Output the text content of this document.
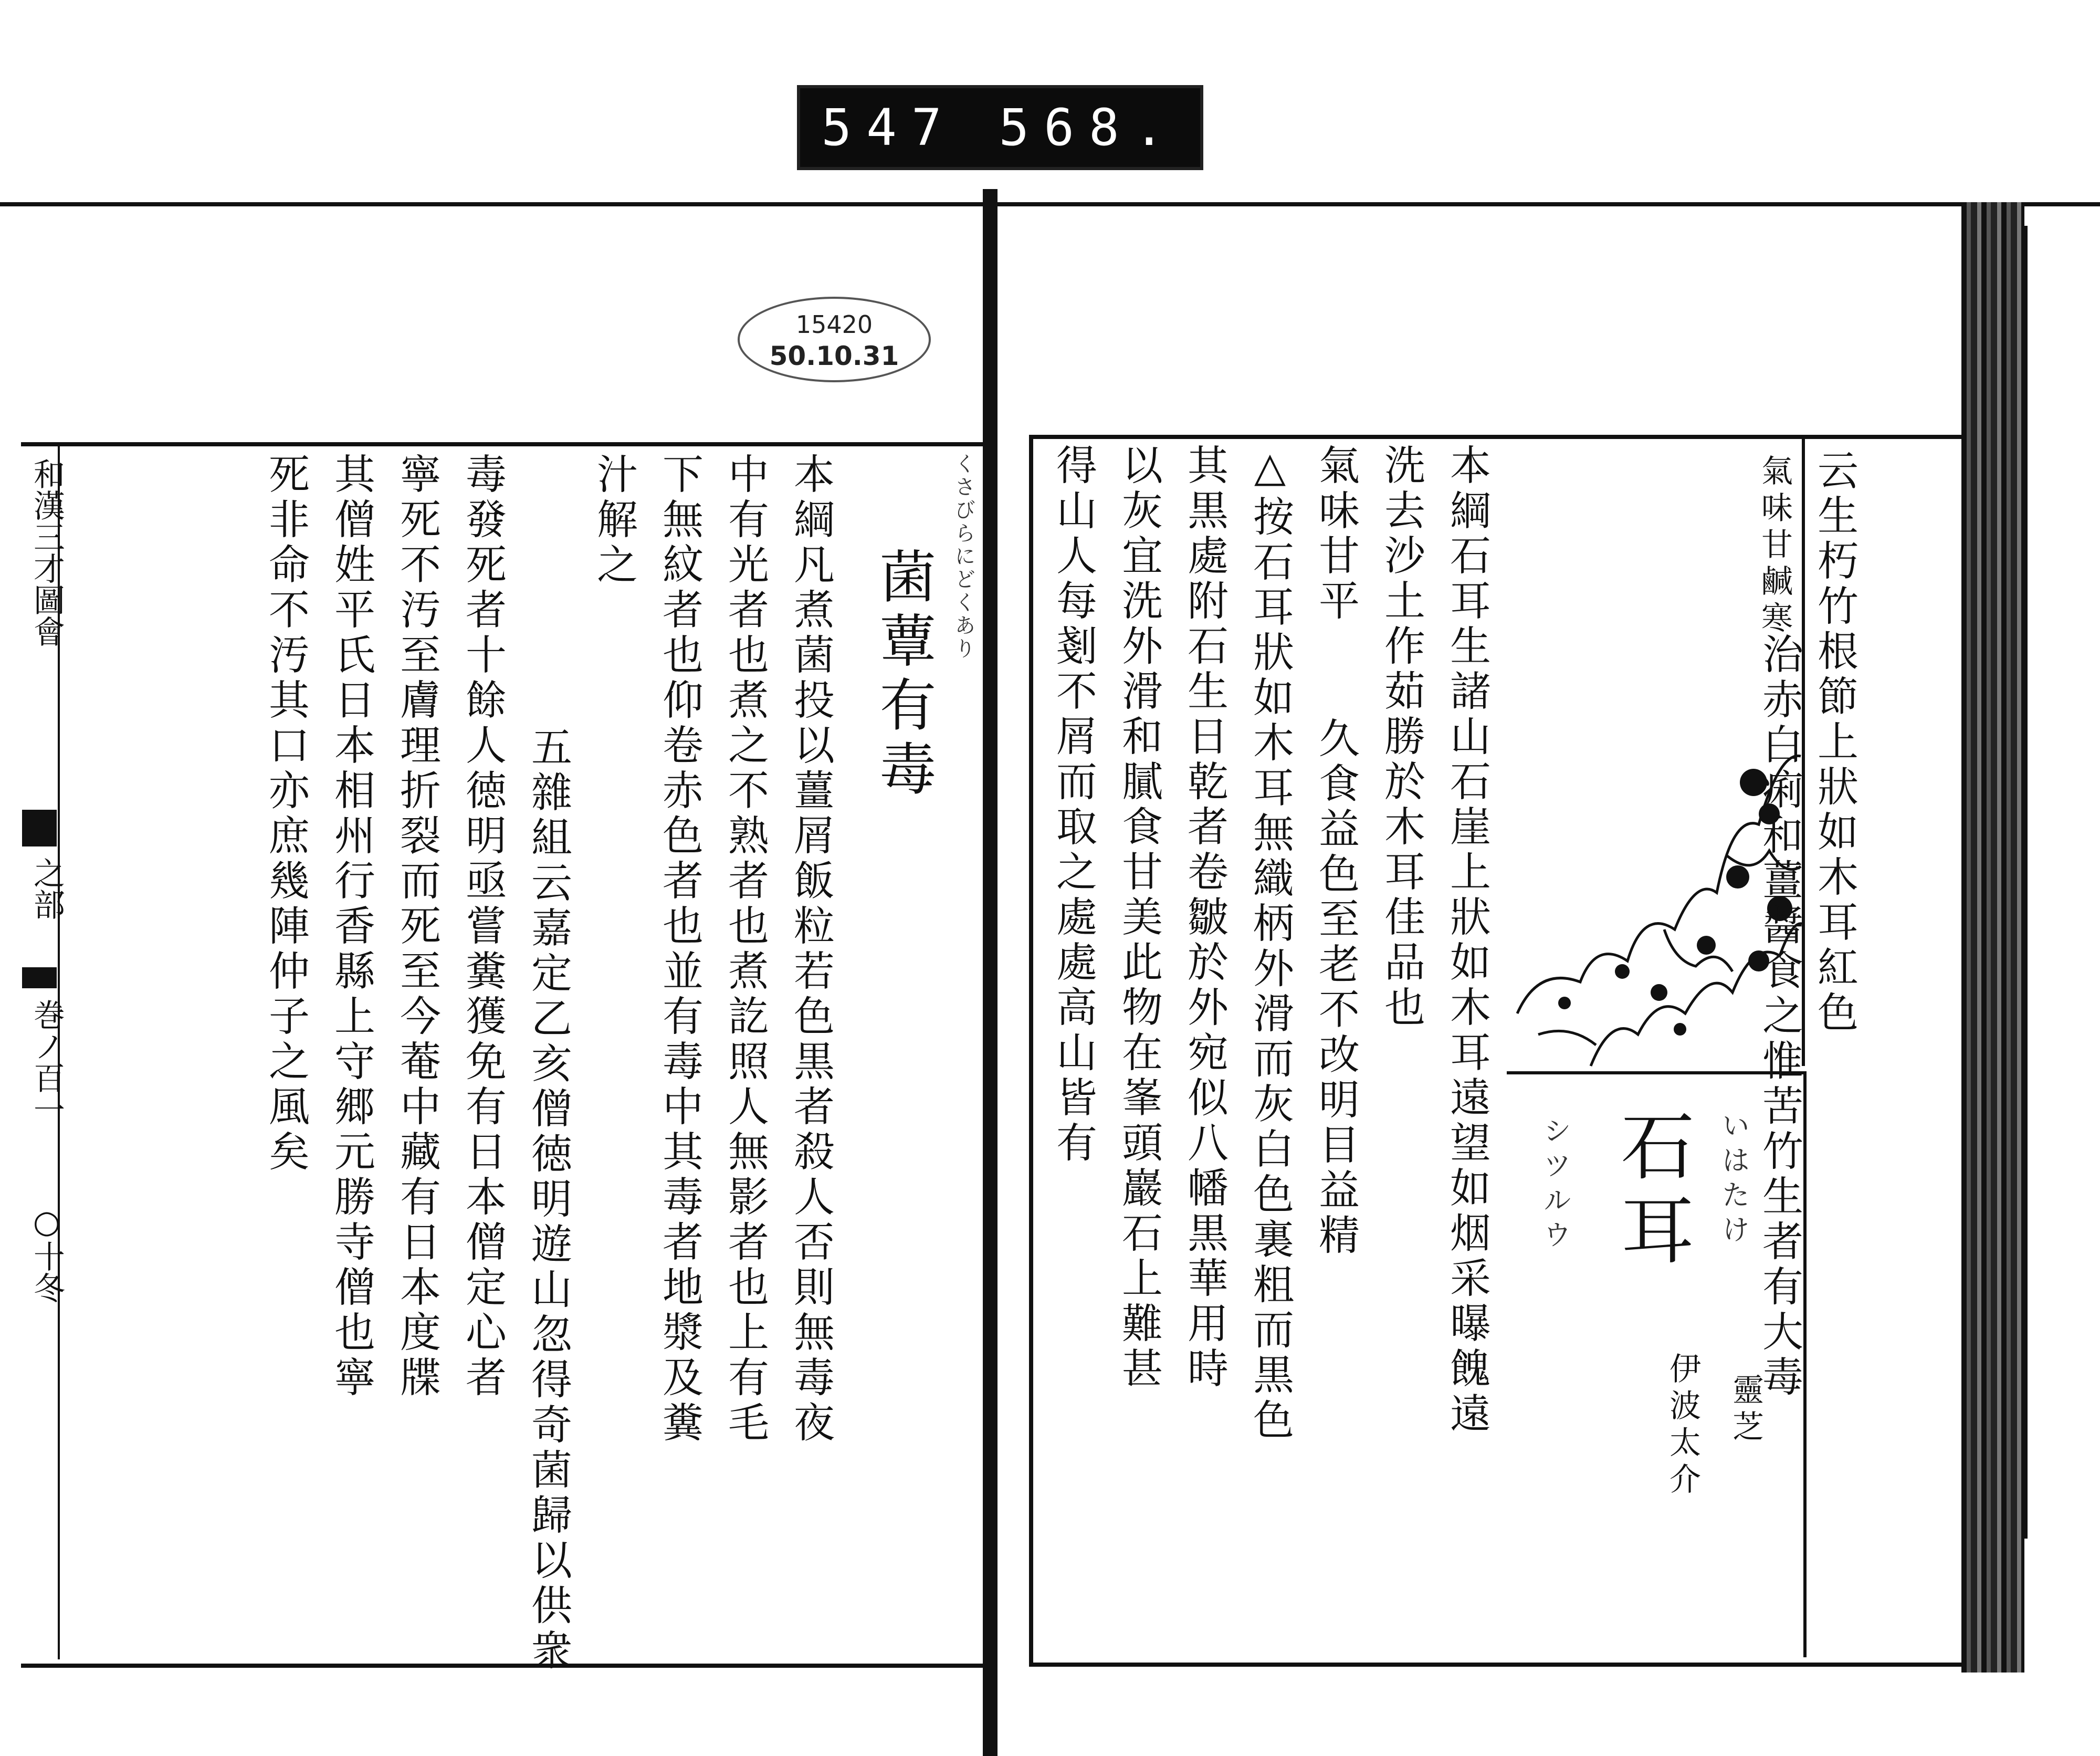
547 568.
15420
50.10.31
和漢三才圖會
之部
巻ノ百一
○十冬
くさびらにどくあり
菌蕈有毒
本綱凡煮菌投以薑屑飯粒若色黒者殺人否則無毒夜
中有光者也煮之不熟者也煮訖照人無影者也上有毛
下無紋者也仰卷赤色者也並有毒中其毒者地漿及糞
汁解之
五雜組云嘉定乙亥僧徳明遊山忽得奇菌歸以供衆
毒發死者十餘人徳明亟嘗糞獲免有日本僧定心者
寧死不汚至膚理折裂而死至今菴中藏有日本度牒
其僧姓平氏日本相州行香縣上守郷元勝寺僧也寧
死非命不汚其口亦庶幾陣仲子之風矣	云生朽竹根節上狀如木耳紅色
氣味甘鹹寒
治赤白痢和薑醬食之惟苦竹生者有大毒
いはたけ
石耳
シツルウ
靈芝
伊波太介
本綱石耳生諸山石崖上狀如木耳遠望如烟采曝餽遠
洗去沙土作茹勝於木耳佳品也
氣味甘平
久食益色至老不改明目益精
△按石耳狀如木耳無織柄外滑而灰白色裏粗而黒色
其黒處附石生日乾者卷皺於外宛似八幡黒華用時
以灰宜洗外滑和膩食甘美此物在峯頭巖石上難甚
得山人每剗不屑而取之處處高山皆有
